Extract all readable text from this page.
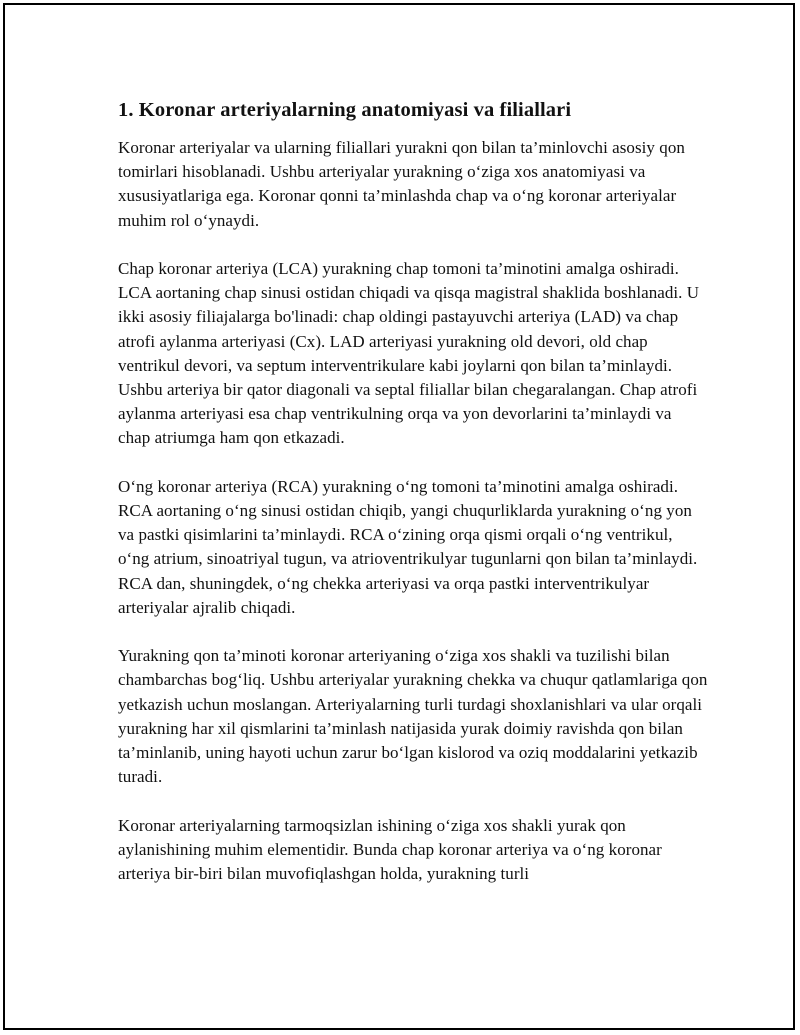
1. Koronar arteriyalarning anatomiyasi va filiallari

Koronar arteriyalar va ularning filiallari yurakni qon bilan ta’minlovchi asosiy qon tomirlari hisoblanadi. Ushbu arteriyalar yurakning o‘ziga xos anatomiyasi va xususiyatlariga ega. Koronar qonni ta’minlashda chap va o‘ng koronar arteriyalar muhim rol o‘ynaydi.

Chap koronar arteriya (LCA) yurakning chap tomoni ta’minotini amalga oshiradi. LCA aortaning chap sinusi ostidan chiqadi va qisqa magistral shaklida boshlanadi. U ikki asosiy filiajalarga bo'linadi: chap oldingi pastayuvchi arteriya (LAD) va chap atrofi aylanma arteriyasi (Cx). LAD arteriyasi yurakning old devori, old chap ventrikul devori, va septum interventrikulare kabi joylarni qon bilan ta’minlaydi. Ushbu arteriya bir qator diagonali va septal filiallar bilan chegaralangan. Chap atrofi aylanma arteriyasi esa chap ventrikulning orqa va yon devorlarini ta’minlaydi va chap atriumga ham qon etkazadi.

O‘ng koronar arteriya (RCA) yurakning o‘ng tomoni ta’minotini amalga oshiradi. RCA aortaning o‘ng sinusi ostidan chiqib, yangi chuqurliklarda yurakning o‘ng yon va pastki qisimlarini ta’minlaydi. RCA o‘zining orqa qismi orqali o‘ng ventrikul, o‘ng atrium, sinoatriyal tugun, va atrioventrikulyar tugunlarni qon bilan ta’minlaydi. RCA dan, shuningdek, o‘ng chekka arteriyasi va orqa pastki interventrikulyar arteriyalar ajralib chiqadi.

Yurakning qon ta’minoti koronar arteriyaning o‘ziga xos shakli va tuzilishi bilan chambarchas bog‘liq. Ushbu arteriyalar yurakning chekka va chuqur qatlamlariga qon yetkazish uchun moslangan. Arteriyalarning turli turdagi shoxlanishlari va ular orqali yurakning har xil qismlarini ta’minlash natijasida yurak doimiy ravishda qon bilan ta’minlanib, uning hayoti uchun zarur bo‘lgan kislorod va oziq moddalarini yetkazib turadi.

Koronar arteriyalarning tarmoqsizlan ishining o‘ziga xos shakli yurak qon aylanishining muhim elementidir. Bunda chap koronar arteriya va o‘ng koronar arteriya bir-biri bilan muvofiqlashgan holda, yurakning turli
